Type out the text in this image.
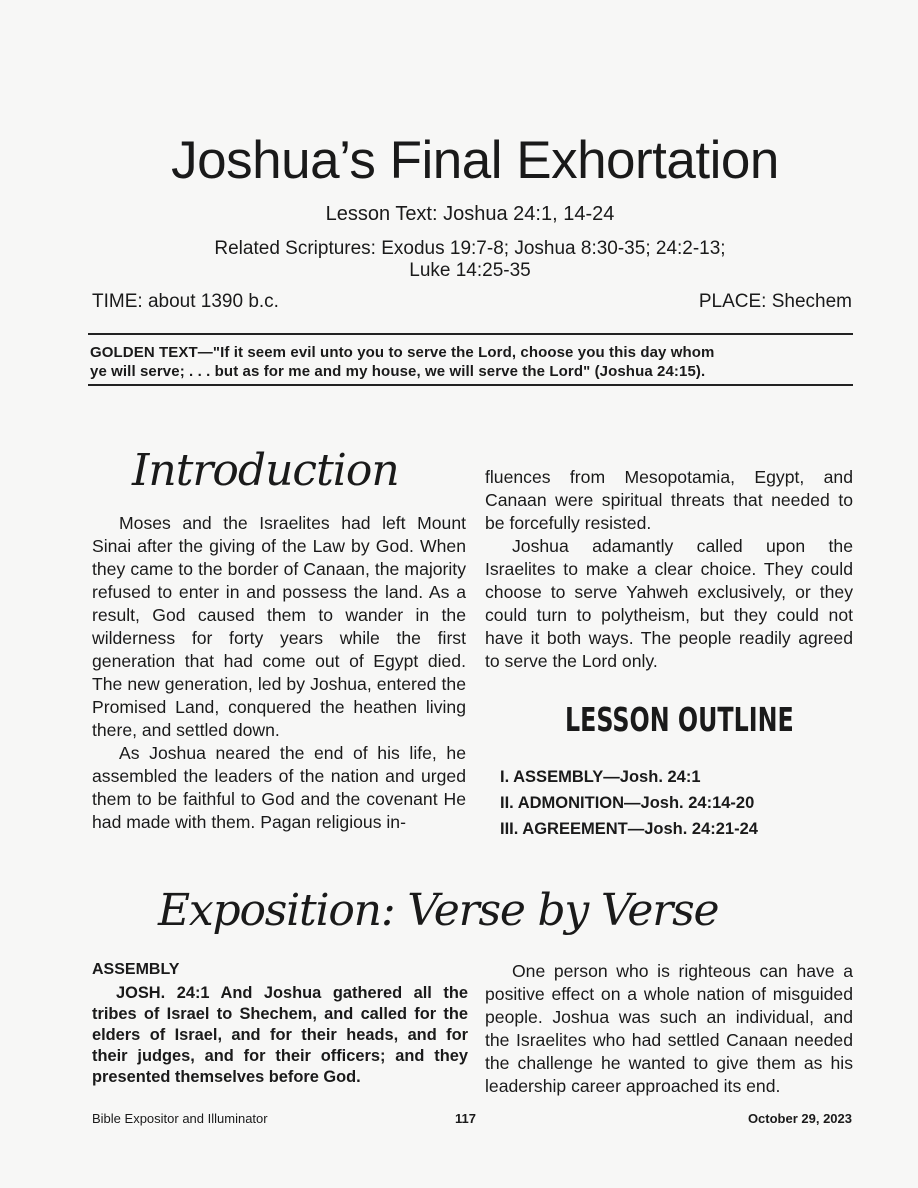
Joshua’s Final Exhortation
Lesson Text: Joshua 24:1, 14-24
Related Scriptures: Exodus 19:7-8; Joshua 8:30-35; 24:2-13;
Luke 14:25-35
TIME: about 1390 b.c.	PLACE: Shechem
GOLDEN TEXT—"If it seem evil unto you to serve the Lord, choose you this day whom
ye will serve; . . . but as for me and my house, we will serve the Lord" (Joshua 24:15).
Introduction

Moses and the Israelites had left Mount Sinai after the giving of the Law by God. When they came to the border of Canaan, the majority refused to enter in and possess the land. As a result, God caused them to wander in the wilderness for forty years while the first generation that had come out of Egypt died. The new generation, led by Joshua, entered the Promised Land, conquered the heathen living there, and settled down.

As Joshua neared the end of his life, he assembled the leaders of the nation and urged them to be faithful to God and the covenant He had made with them. Pagan religious in-

fluences from Mesopotamia, Egypt, and Canaan were spiritual threats that needed to be forcefully resisted.

Joshua adamantly called upon the Israelites to make a clear choice. They could choose to serve Yahweh exclusively, or they could turn to polytheism, but they could not have it both ways. The people readily agreed to serve the Lord only.

LESSON OUTLINE
I. ASSEMBLY—Josh. 24:1
II. ADMONITION—Josh. 24:14-20
III. AGREEMENT—Josh. 24:21-24
Exposition: Verse by Verse
ASSEMBLY
JOSH. 24:1 And Joshua gathered all the tribes of Israel to Shechem, and called for the elders of Israel, and for their heads, and for their judges, and for their officers; and they presented themselves before God.

One person who is righteous can have a positive effect on a whole nation of misguided people. Joshua was such an individual, and the Israelites who had settled Canaan needed the challenge he wanted to give them as his leadership career approached its end.

Bible Expositor and Illuminator	117	October 29, 2023
